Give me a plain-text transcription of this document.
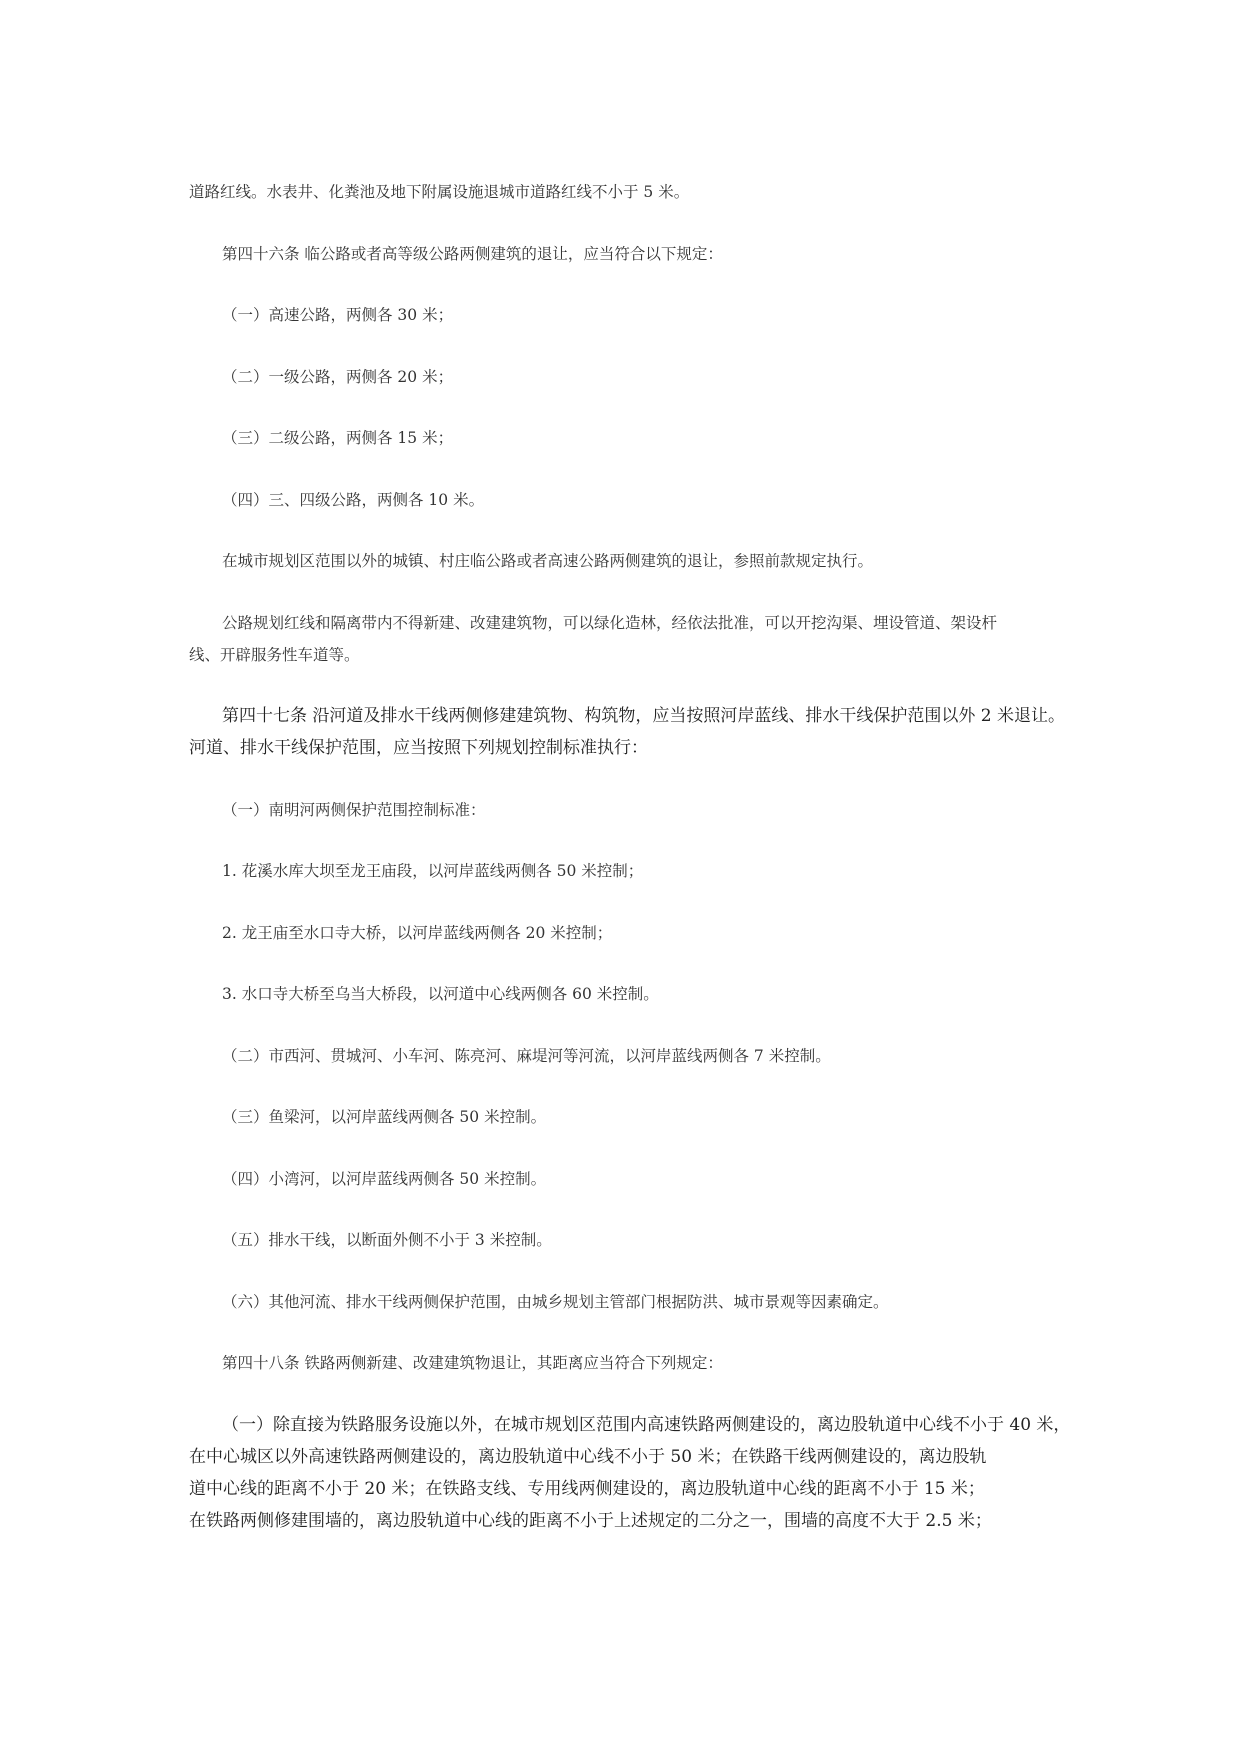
道路红线。水表井、化粪池及地下附属设施退城市道路红线不小于 5 米。
第四十六条 临公路或者高等级公路两侧建筑的退让，应当符合以下规定：
（一）高速公路，两侧各 30 米；
（二）一级公路，两侧各 20 米；
（三）二级公路，两侧各 15 米；
（四）三、四级公路，两侧各 10 米。
在城市规划区范围以外的城镇、村庄临公路或者高速公路两侧建筑的退让，参照前款规定执行。
公路规划红线和隔离带内不得新建、改建建筑物，可以绿化造林，经依法批准，可以开挖沟渠、埋设管道、架设杆
线、开辟服务性车道等。
第四十七条 沿河道及排水干线两侧修建建筑物、构筑物，应当按照河岸蓝线、排水干线保护范围以外 2 米退让。
河道、排水干线保护范围，应当按照下列规划控制标准执行：
（一）南明河两侧保护范围控制标准：
1. 花溪水库大坝至龙王庙段，以河岸蓝线两侧各 50 米控制；
2. 龙王庙至水口寺大桥，以河岸蓝线两侧各 20 米控制；
3. 水口寺大桥至乌当大桥段，以河道中心线两侧各 60 米控制。
（二）市西河、贯城河、小车河、陈亮河、麻堤河等河流，以河岸蓝线两侧各 7 米控制。
（三）鱼梁河，以河岸蓝线两侧各 50 米控制。
（四）小湾河，以河岸蓝线两侧各 50 米控制。
（五）排水干线，以断面外侧不小于 3 米控制。
（六）其他河流、排水干线两侧保护范围，由城乡规划主管部门根据防洪、城市景观等因素确定。
第四十八条 铁路两侧新建、改建建筑物退让，其距离应当符合下列规定：
（一）除直接为铁路服务设施以外，在城市规划区范围内高速铁路两侧建设的，离边股轨道中心线不小于 40 米，
在中心城区以外高速铁路两侧建设的，离边股轨道中心线不小于 50 米；在铁路干线两侧建设的，离边股轨
道中心线的距离不小于 20 米；在铁路支线、专用线两侧建设的，离边股轨道中心线的距离不小于 15 米；
在铁路两侧修建围墙的，离边股轨道中心线的距离不小于上述规定的二分之一，围墙的高度不大于 2.5 米；
